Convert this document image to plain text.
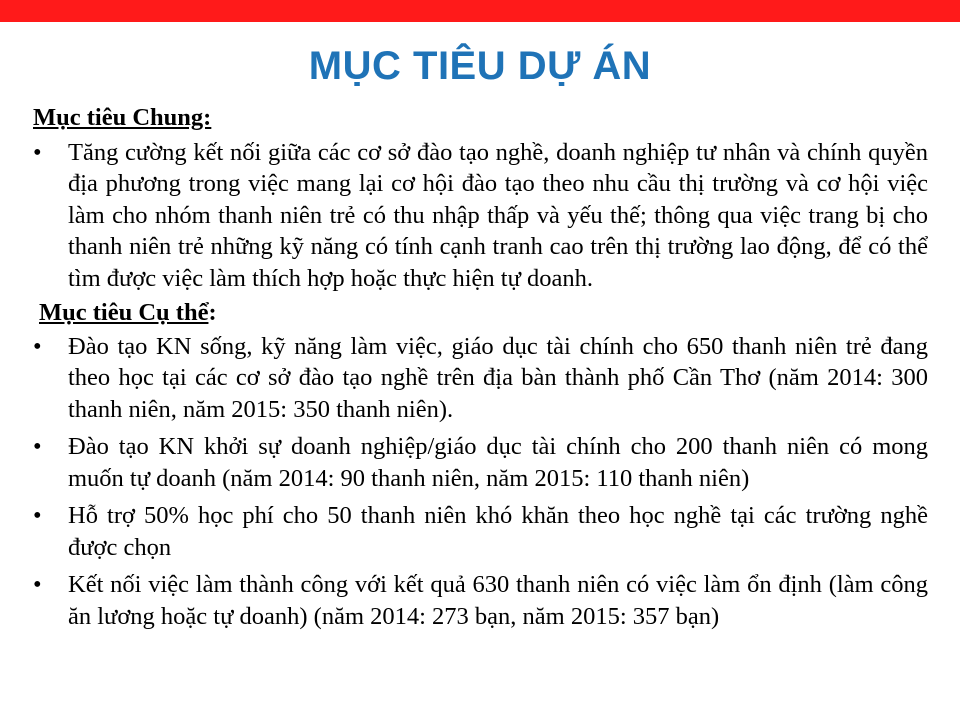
MỤC TIÊU DỰ ÁN

Mục tiêu Chung:

•	Tăng cường kết nối giữa các cơ sở đào tạo nghề, doanh nghiệp tư nhân và chính quyền địa phương trong việc mang lại cơ hội đào tạo theo nhu cầu thị trường và cơ hội việc làm cho nhóm thanh niên trẻ có thu nhập thấp và yếu thế; thông qua việc trang bị cho thanh niên trẻ những kỹ năng có tính cạnh tranh cao trên thị trường lao động, để có thể tìm được việc làm thích hợp hoặc thực hiện tự doanh.

Mục tiêu Cụ thể:

•	Đào tạo KN sống, kỹ năng làm việc, giáo dục tài chính cho 650 thanh niên trẻ đang theo học tại các cơ sở đào tạo nghề trên địa bàn thành phố Cần Thơ (năm 2014: 300 thanh niên, năm 2015: 350 thanh niên).
•	Đào tạo KN khởi sự doanh nghiệp/giáo dục tài chính cho 200 thanh niên có mong muốn tự doanh (năm 2014: 90 thanh niên, năm 2015: 110 thanh niên)
•	Hỗ trợ 50% học phí cho 50 thanh niên khó khăn theo học nghề tại các trường nghề được chọn
•	Kết nối việc làm thành công với kết quả 630 thanh niên có việc làm ổn định (làm công ăn lương hoặc tự doanh) (năm 2014: 273 bạn, năm 2015: 357 bạn)
